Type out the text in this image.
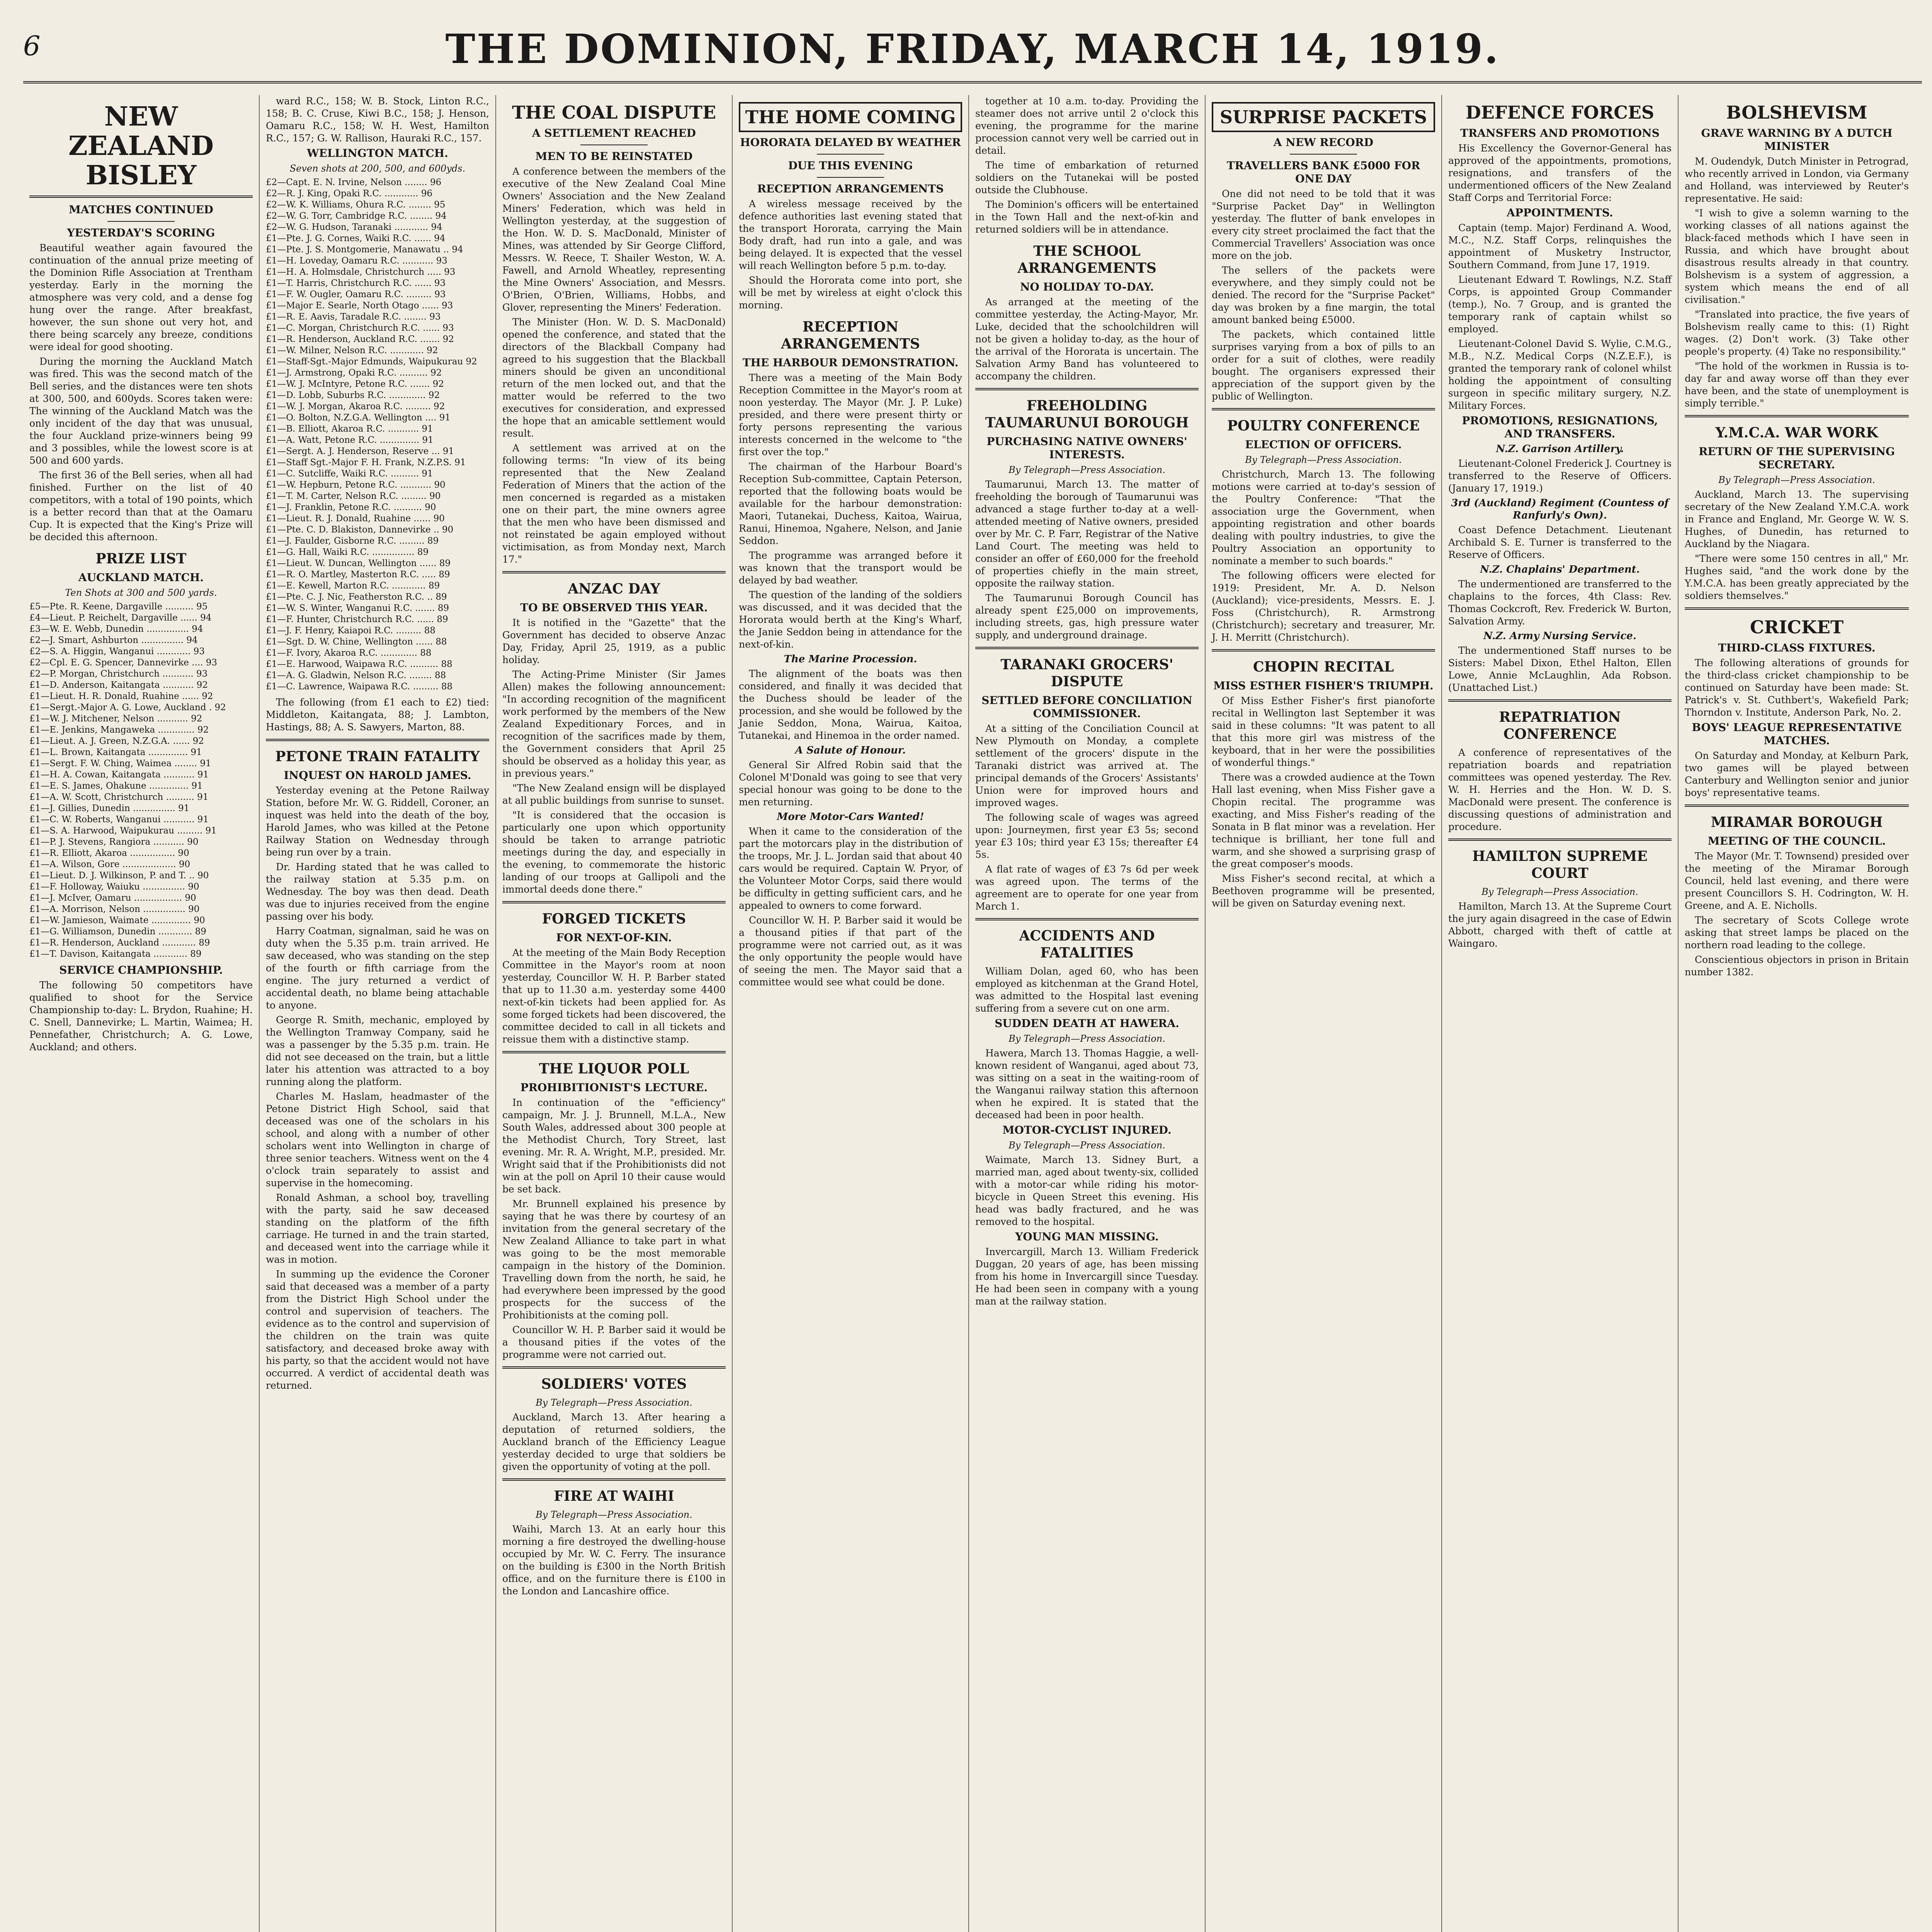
6	THE DOMINION, FRIDAY, MARCH 14, 1919.
NEW ZEALAND BISLEY
MATCHES CONTINUED
YESTERDAY'S SCORING

Beautiful weather again favoured the continuation of the annual prize meeting of the Dominion Rifle Association at Trentham yesterday. Early in the morning the atmosphere was very cold, and a dense fog hung over the range. After breakfast, however, the sun shone out very hot, and there being scarcely any breeze, conditions were ideal for good shooting.

During the morning the Auckland Match was fired. This was the second match of the Bell series, and the distances were ten shots at 300, 500, and 600yds. Scores taken were: The winning of the Auckland Match was the only incident of the day that was unusual, the four Auckland prize-winners being 99 and 3 possibles, while the lowest score is at 500 and 600 yards.

The first 36 of the Bell series, when all had finished. Further on the list of 40 competitors, with a total of 190 points, which is a better record than that at the Oamaru Cup. It is expected that the King's Prize will be decided this afternoon.

PRIZE LIST
AUCKLAND MATCH.
Ten Shots at 300 and 500 yards.
£5—Pte. R. Keene, Dargaville .......... 95
£4—Lieut. P. Reichelt, Dargaville ...... 94
£3—W. E. Webb, Dunedin ............... 94
£2—J. Smart, Ashburton ............... 94
£2—S. A. Higgin, Wanganui ............ 93
£2—Cpl. E. G. Spencer, Dannevirke .... 93
£2—P. Morgan, Christchurch ........... 93
£1—D. Anderson, Kaitangata ........... 92
£1—Lieut. H. R. Donald, Ruahine ...... 92
£1—Sergt.-Major A. G. Lowe, Auckland . 92
£1—W. J. Mitchener, Nelson ........... 92
£1—E. Jenkins, Mangaweka ............. 92
£1—Lieut. A. J. Green, N.Z.G.A. ...... 92
£1—L. Brown, Kaitangata .............. 91
£1—Sergt. F. W. Ching, Waimea ........ 91
£1—H. A. Cowan, Kaitangata ........... 91
£1—E. S. James, Ohakune .............. 91
£1—A. W. Scott, Christchurch .......... 91
£1—J. Gillies, Dunedin ............... 91
£1—C. W. Roberts, Wanganui ........... 91
£1—S. A. Harwood, Waipukurau ......... 91
£1—P. J. Stevens, Rangiora ........... 90
£1—R. Elliott, Akaroa ................ 90
£1—A. Wilson, Gore ................... 90
£1—Lieut. D. J. Wilkinson, P. and T. .. 90
£1—F. Holloway, Waiuku ............... 90
£1—J. McIver, Oamaru ................. 90
£1—A. Morrison, Nelson ............... 90
£1—W. Jamieson, Waimate .............. 90
£1—G. Williamson, Dunedin ............ 89
£1—R. Henderson, Auckland ............ 89
£1—T. Davison, Kaitangata ............ 89
SERVICE CHAMPIONSHIP.

The following 50 competitors have qualified to shoot for the Service Championship to-day: L. Brydon, Ruahine; H. C. Snell, Dannevirke; L. Martin, Waimea; H. Pennefather, Christchurch; A. G. Lowe, Auckland; and others.

ward R.C., 158; W. B. Stock, Linton R.C., 158; B. C. Cruse, Kiwi B.C., 158; J. Henson, Oamaru R.C., 158; W. H. West, Hamilton R.C., 157; G. W. Rallison, Hauraki R.C., 157.

WELLINGTON MATCH.
Seven shots at 200, 500, and 600yds.
£2—Capt. E. N. Irvine, Nelson ........ 96
£2—R. J. King, Opaki R.C. ............ 96
£2—W. K. Williams, Ohura R.C. ........ 95
£2—W. G. Torr, Cambridge R.C. ........ 94
£2—W. G. Hudson, Taranaki ............ 94
£1—Pte. J. G. Cornes, Waiki R.C. ...... 94
£1—Pte. J. S. Montgomerie, Manawatu .. 94
£1—H. Loveday, Oamaru R.C. ........... 93
£1—H. A. Holmsdale, Christchurch ..... 93
£1—T. Harris, Christchurch R.C. ...... 93
£1—F. W. Ougler, Oamaru R.C. ......... 93
£1—Major E. Searle, North Otago ...... 93
£1—R. E. Aavis, Taradale R.C. ........ 93
£1—C. Morgan, Christchurch R.C. ...... 93
£1—R. Henderson, Auckland R.C. ....... 92
£1—W. Milner, Nelson R.C. ............ 92
£1—Staff-Sgt.-Major Edmunds, Waipukurau 92
£1—J. Armstrong, Opaki R.C. .......... 92
£1—W. J. McIntyre, Petone R.C. ....... 92
£1—D. Lobb, Suburbs R.C. ............. 92
£1—W. J. Morgan, Akaroa R.C. ......... 92
£1—O. Bolton, N.Z.G.A. Wellington .... 91
£1—B. Elliott, Akaroa R.C. ........... 91
£1—A. Watt, Petone R.C. .............. 91
£1—Sergt. A. J. Henderson, Reserve ... 91
£1—Staff Sgt.-Major F. H. Frank, N.Z.P.S. 91
£1—C. Sutcliffe, Waiki R.C. .......... 91
£1—W. Hepburn, Petone R.C. ........... 90
£1—T. M. Carter, Nelson R.C. ......... 90
£1—J. Franklin, Petone R.C. .......... 90
£1—Lieut. R. J. Donald, Ruahine ...... 90
£1—Pte. C. D. Blakiston, Dannevirke .. 90
£1—J. Faulder, Gisborne R.C. ......... 89
£1—G. Hall, Waiki R.C. ............... 89
£1—Lieut. W. Duncan, Wellington ...... 89
£1—R. O. Martley, Masterton R.C. ..... 89
£1—E. Kewell, Marton R.C. ............ 89
£1—Pte. C. J. Nic, Featherston R.C. .. 89
£1—W. S. Winter, Wanganui R.C. ....... 89
£1—F. Hunter, Christchurch R.C. ...... 89
£1—J. F. Henry, Kaiapoi R.C. ......... 88
£1—Sgt. D. W. Chine, Wellington ...... 88
£1—F. Ivory, Akaroa R.C. ............. 88
£1—E. Harwood, Waipawa R.C. .......... 88
£1—A. G. Gladwin, Nelson R.C. ........ 88
£1—C. Lawrence, Waipawa R.C. ......... 88

The following (from £1 each to £2) tied: Middleton, Kaitangata, 88; J. Lambton, Hastings, 88; A. S. Sawyers, Marton, 88.

PETONE TRAIN FATALITY
INQUEST ON HAROLD JAMES.

Yesterday evening at the Petone Railway Station, before Mr. W. G. Riddell, Coroner, an inquest was held into the death of the boy, Harold James, who was killed at the Petone Railway Station on Wednesday through being run over by a train.

Dr. Harding stated that he was called to the railway station at 5.35 p.m. on Wednesday. The boy was then dead. Death was due to injuries received from the engine passing over his body.

Harry Coatman, signalman, said he was on duty when the 5.35 p.m. train arrived. He saw deceased, who was standing on the step of the fourth or fifth carriage from the engine. The jury returned a verdict of accidental death, no blame being attachable to anyone.

George R. Smith, mechanic, employed by the Wellington Tramway Company, said he was a passenger by the 5.35 p.m. train. He did not see deceased on the train, but a little later his attention was attracted to a boy running along the platform.

Charles M. Haslam, headmaster of the Petone District High School, said that deceased was one of the scholars in his school, and along with a number of other scholars went into Wellington in charge of three senior teachers. Witness went on the 4 o'clock train separately to assist and supervise in the homecoming.

Ronald Ashman, a school boy, travelling with the party, said he saw deceased standing on the platform of the fifth carriage. He turned in and the train started, and deceased went into the carriage while it was in motion.

In summing up the evidence the Coroner said that deceased was a member of a party from the District High School under the control and supervision of teachers. The evidence as to the control and supervision of the children on the train was quite satisfactory, and deceased broke away with his party, so that the accident would not have occurred. A verdict of accidental death was returned.

THE COAL DISPUTE
A SETTLEMENT REACHED
MEN TO BE REINSTATED

A conference between the members of the executive of the New Zealand Coal Mine Owners' Association and the New Zealand Miners' Federation, which was held in Wellington yesterday, at the suggestion of the Hon. W. D. S. MacDonald, Minister of Mines, was attended by Sir George Clifford, Messrs. W. Reece, T. Shailer Weston, W. A. Fawell, and Arnold Wheatley, representing the Mine Owners' Association, and Messrs. O'Brien, O'Brien, Williams, Hobbs, and Glover, representing the Miners' Federation.

The Minister (Hon. W. D. S. MacDonald) opened the conference, and stated that the directors of the Blackball Company had agreed to his suggestion that the Blackball miners should be given an unconditional return of the men locked out, and that the matter would be referred to the two executives for consideration, and expressed the hope that an amicable settlement would result.

A settlement was arrived at on the following terms: "In view of its being represented that the New Zealand Federation of Miners that the action of the men concerned is regarded as a mistaken one on their part, the mine owners agree that the men who have been dismissed and not reinstated be again employed without victimisation, as from Monday next, March 17."

ANZAC DAY
TO BE OBSERVED THIS YEAR.

It is notified in the "Gazette" that the Government has decided to observe Anzac Day, Friday, April 25, 1919, as a public holiday.

The Acting-Prime Minister (Sir James Allen) makes the following announcement: "In according recognition of the magnificent work performed by the members of the New Zealand Expeditionary Forces, and in recognition of the sacrifices made by them, the Government considers that April 25 should be observed as a holiday this year, as in previous years."

"The New Zealand ensign will be displayed at all public buildings from sunrise to sunset.

"It is considered that the occasion is particularly one upon which opportunity should be taken to arrange patriotic meetings during the day, and especially in the evening, to commemorate the historic landing of our troops at Gallipoli and the immortal deeds done there."

FORGED TICKETS
FOR NEXT-OF-KIN.

At the meeting of the Main Body Reception Committee in the Mayor's room at noon yesterday, Councillor W. H. P. Barber stated that up to 11.30 a.m. yesterday some 4400 next-of-kin tickets had been applied for. As some forged tickets had been discovered, the committee decided to call in all tickets and reissue them with a distinctive stamp.

THE LIQUOR POLL
PROHIBITIONIST'S LECTURE.

In continuation of the "efficiency" campaign, Mr. J. J. Brunnell, M.L.A., New South Wales, addressed about 300 people at the Methodist Church, Tory Street, last evening. Mr. R. A. Wright, M.P., presided. Mr. Wright said that if the Prohibitionists did not win at the poll on April 10 their cause would be set back.

Mr. Brunnell explained his presence by saying that he was there by courtesy of an invitation from the general secretary of the New Zealand Alliance to take part in what was going to be the most memorable campaign in the history of the Dominion. Travelling down from the north, he said, he had everywhere been impressed by the good prospects for the success of the Prohibitionists at the coming poll.

Councillor W. H. P. Barber said it would be a thousand pities if the votes of the programme were not carried out.

SOLDIERS' VOTES
By Telegraph—Press Association.

Auckland, March 13. After hearing a deputation of returned soldiers, the Auckland branch of the Efficiency League yesterday decided to urge that soldiers be given the opportunity of voting at the poll.

FIRE AT WAIHI
By Telegraph—Press Association.

Waihi, March 13. At an early hour this morning a fire destroyed the dwelling-house occupied by Mr. W. C. Ferry. The insurance on the building is £300 in the North British office, and on the furniture there is £100 in the London and Lancashire office.

THE HOME COMING
HORORATA DELAYED BY WEATHER
DUE THIS EVENING
RECEPTION ARRANGEMENTS

A wireless message received by the defence authorities last evening stated that the transport Hororata, carrying the Main Body draft, had run into a gale, and was being delayed. It is expected that the vessel will reach Wellington before 5 p.m. to-day.

Should the Hororata come into port, she will be met by wireless at eight o'clock this morning.

RECEPTION ARRANGEMENTS
THE HARBOUR DEMONSTRATION.

There was a meeting of the Main Body Reception Committee in the Mayor's room at noon yesterday. The Mayor (Mr. J. P. Luke) presided, and there were present thirty or forty persons representing the various interests concerned in the welcome to "the first over the top."

The chairman of the Harbour Board's Reception Sub-committee, Captain Peterson, reported that the following boats would be available for the harbour demonstration: Maori, Tutanekai, Duchess, Kaitoa, Wairua, Ranui, Hinemoa, Ngahere, Nelson, and Janie Seddon.

The programme was arranged before it was known that the transport would be delayed by bad weather.

The question of the landing of the soldiers was discussed, and it was decided that the Hororata would berth at the King's Wharf, the Janie Seddon being in attendance for the next-of-kin.

The Marine Procession.

The alignment of the boats was then considered, and finally it was decided that the Duchess should be leader of the procession, and she would be followed by the Janie Seddon, Mona, Wairua, Kaitoa, Tutanekai, and Hinemoa in the order named.

A Salute of Honour.

General Sir Alfred Robin said that the Colonel M'Donald was going to see that very special honour was going to be done to the men returning.

More Motor-Cars Wanted!

When it came to the consideration of the part the motorcars play in the distribution of the troops, Mr. J. L. Jordan said that about 40 cars would be required. Captain W. Pryor, of the Volunteer Motor Corps, said there would be difficulty in getting sufficient cars, and he appealed to owners to come forward.

Councillor W. H. P. Barber said it would be a thousand pities if that part of the programme were not carried out, as it was the only opportunity the people would have of seeing the men. The Mayor said that a committee would see what could be done.

together at 10 a.m. to-day. Providing the steamer does not arrive until 2 o'clock this evening, the programme for the marine procession cannot very well be carried out in detail.

The time of embarkation of returned soldiers on the Tutanekai will be posted outside the Clubhouse.

The Dominion's officers will be entertained in the Town Hall and the next-of-kin and returned soldiers will be in attendance.

THE SCHOOL ARRANGEMENTS
NO HOLIDAY TO-DAY.

As arranged at the meeting of the committee yesterday, the Acting-Mayor, Mr. Luke, decided that the schoolchildren will not be given a holiday to-day, as the hour of the arrival of the Hororata is uncertain. The Salvation Army Band has volunteered to accompany the children.

FREEHOLDING TAUMARUNUI BOROUGH
PURCHASING NATIVE OWNERS' INTERESTS.
By Telegraph—Press Association.

Taumarunui, March 13. The matter of freeholding the borough of Taumarunui was advanced a stage further to-day at a well-attended meeting of Native owners, presided over by Mr. C. P. Farr, Registrar of the Native Land Court. The meeting was held to consider an offer of £60,000 for the freehold of properties chiefly in the main street, opposite the railway station.

The Taumarunui Borough Council has already spent £25,000 on improvements, including streets, gas, high pressure water supply, and underground drainage.

TARANAKI GROCERS' DISPUTE
SETTLED BEFORE CONCILIATION COMMISSIONER.

At a sitting of the Conciliation Council at New Plymouth on Monday, a complete settlement of the grocers' dispute in the Taranaki district was arrived at. The principal demands of the Grocers' Assistants' Union were for improved hours and improved wages.

The following scale of wages was agreed upon: Journeymen, first year £3 5s; second year £3 10s; third year £3 15s; thereafter £4 5s.

A flat rate of wages of £3 7s 6d per week was agreed upon. The terms of the agreement are to operate for one year from March 1.

ACCIDENTS AND FATALITIES

William Dolan, aged 60, who has been employed as kitchenman at the Grand Hotel, was admitted to the Hospital last evening suffering from a severe cut on one arm.

SUDDEN DEATH AT HAWERA.
By Telegraph—Press Association.

Hawera, March 13. Thomas Haggie, a well-known resident of Wanganui, aged about 73, was sitting on a seat in the waiting-room of the Wanganui railway station this afternoon when he expired. It is stated that the deceased had been in poor health.

MOTOR-CYCLIST INJURED.
By Telegraph—Press Association.

Waimate, March 13. Sidney Burt, a married man, aged about twenty-six, collided with a motor-car while riding his motor-bicycle in Queen Street this evening. His head was badly fractured, and he was removed to the hospital.

YOUNG MAN MISSING.

Invercargill, March 13. William Frederick Duggan, 20 years of age, has been missing from his home in Invercargill since Tuesday. He had been seen in company with a young man at the railway station.

SURPRISE PACKETS
A NEW RECORD
TRAVELLERS BANK £5000 FOR ONE DAY

One did not need to be told that it was "Surprise Packet Day" in Wellington yesterday. The flutter of bank envelopes in every city street proclaimed the fact that the Commercial Travellers' Association was once more on the job.

The sellers of the packets were everywhere, and they simply could not be denied. The record for the "Surprise Packet" day was broken by a fine margin, the total amount banked being £5000.

The packets, which contained little surprises varying from a box of pills to an order for a suit of clothes, were readily bought. The organisers expressed their appreciation of the support given by the public of Wellington.

POULTRY CONFERENCE
ELECTION OF OFFICERS.
By Telegraph—Press Association.

Christchurch, March 13. The following motions were carried at to-day's session of the Poultry Conference: "That the association urge the Government, when appointing registration and other boards dealing with poultry industries, to give the Poultry Association an opportunity to nominate a member to such boards."

The following officers were elected for 1919: President, Mr. A. D. Nelson (Auckland); vice-presidents, Messrs. E. J. Foss (Christchurch), R. Armstrong (Christchurch); secretary and treasurer, Mr. J. H. Merritt (Christchurch).

CHOPIN RECITAL
MISS ESTHER FISHER'S TRIUMPH.

Of Miss Esther Fisher's first pianoforte recital in Wellington last September it was said in these columns: "It was patent to all that this more girl was mistress of the keyboard, that in her were the possibilities of wonderful things."

There was a crowded audience at the Town Hall last evening, when Miss Fisher gave a Chopin recital. The programme was exacting, and Miss Fisher's reading of the Sonata in B flat minor was a revelation. Her technique is brilliant, her tone full and warm, and she showed a surprising grasp of the great composer's moods.

Miss Fisher's second recital, at which a Beethoven programme will be presented, will be given on Saturday evening next.

DEFENCE FORCES
TRANSFERS AND PROMOTIONS

His Excellency the Governor-General has approved of the appointments, promotions, resignations, and transfers of the undermentioned officers of the New Zealand Staff Corps and Territorial Force:

APPOINTMENTS.

Captain (temp. Major) Ferdinand A. Wood, M.C., N.Z. Staff Corps, relinquishes the appointment of Musketry Instructor, Southern Command, from June 17, 1919.

Lieutenant Edward T. Rowlings, N.Z. Staff Corps, is appointed Group Commander (temp.), No. 7 Group, and is granted the temporary rank of captain whilst so employed.

Lieutenant-Colonel David S. Wylie, C.M.G., M.B., N.Z. Medical Corps (N.Z.E.F.), is granted the temporary rank of colonel whilst holding the appointment of consulting surgeon in specific military surgery, N.Z. Military Forces.

PROMOTIONS, RESIGNATIONS, AND TRANSFERS.
N.Z. Garrison Artillery.

Lieutenant-Colonel Frederick J. Courtney is transferred to the Reserve of Officers. (January 17, 1919.)

3rd (Auckland) Regiment (Countess of Ranfurly's Own).

Coast Defence Detachment. Lieutenant Archibald S. E. Turner is transferred to the Reserve of Officers.

N.Z. Chaplains' Department.

The undermentioned are transferred to the chaplains to the forces, 4th Class: Rev. Thomas Cockcroft, Rev. Frederick W. Burton, Salvation Army.

N.Z. Army Nursing Service.

The undermentioned Staff nurses to be Sisters: Mabel Dixon, Ethel Halton, Ellen Lowe, Annie McLaughlin, Ada Robson. (Unattached List.)

REPATRIATION CONFERENCE

A conference of representatives of the repatriation boards and repatriation committees was opened yesterday. The Rev. W. H. Herries and the Hon. W. D. S. MacDonald were present. The conference is discussing questions of administration and procedure.

HAMILTON SUPREME COURT
By Telegraph—Press Association.

Hamilton, March 13. At the Supreme Court the jury again disagreed in the case of Edwin Abbott, charged with theft of cattle at Waingaro.

BOLSHEVISM
GRAVE WARNING BY A DUTCH MINISTER

M. Oudendyk, Dutch Minister in Petrograd, who recently arrived in London, via Germany and Holland, was interviewed by Reuter's representative. He said:

"I wish to give a solemn warning to the working classes of all nations against the black-faced methods which I have seen in Russia, and which have brought about disastrous results already in that country. Bolshevism is a system of aggression, a system which means the end of all civilisation."

"Translated into practice, the five years of Bolshevism really came to this: (1) Right wages. (2) Don't work. (3) Take other people's property. (4) Take no responsibility."

"The hold of the workmen in Russia is to-day far and away worse off than they ever have been, and the state of unemployment is simply terrible."

Y.M.C.A. WAR WORK
RETURN OF THE SUPERVISING SECRETARY.
By Telegraph—Press Association.

Auckland, March 13. The supervising secretary of the New Zealand Y.M.C.A. work in France and England, Mr. George W. W. S. Hughes, of Dunedin, has returned to Auckland by the Niagara.

"There were some 150 centres in all," Mr. Hughes said, "and the work done by the Y.M.C.A. has been greatly appreciated by the soldiers themselves."

CRICKET
THIRD-CLASS FIXTURES.

The following alterations of grounds for the third-class cricket championship to be continued on Saturday have been made: St. Patrick's v. St. Cuthbert's, Wakefield Park; Thorndon v. Institute, Anderson Park, No. 2.

BOYS' LEAGUE REPRESENTATIVE MATCHES.

On Saturday and Monday, at Kelburn Park, two games will be played between Canterbury and Wellington senior and junior boys' representative teams.

MIRAMAR BOROUGH
MEETING OF THE COUNCIL.

The Mayor (Mr. T. Townsend) presided over the meeting of the Miramar Borough Council, held last evening, and there were present Councillors S. H. Codrington, W. H. Greene, and A. E. Nicholls.

The secretary of Scots College wrote asking that street lamps be placed on the northern road leading to the college.

Conscientious objectors in prison in Britain number 1382.
